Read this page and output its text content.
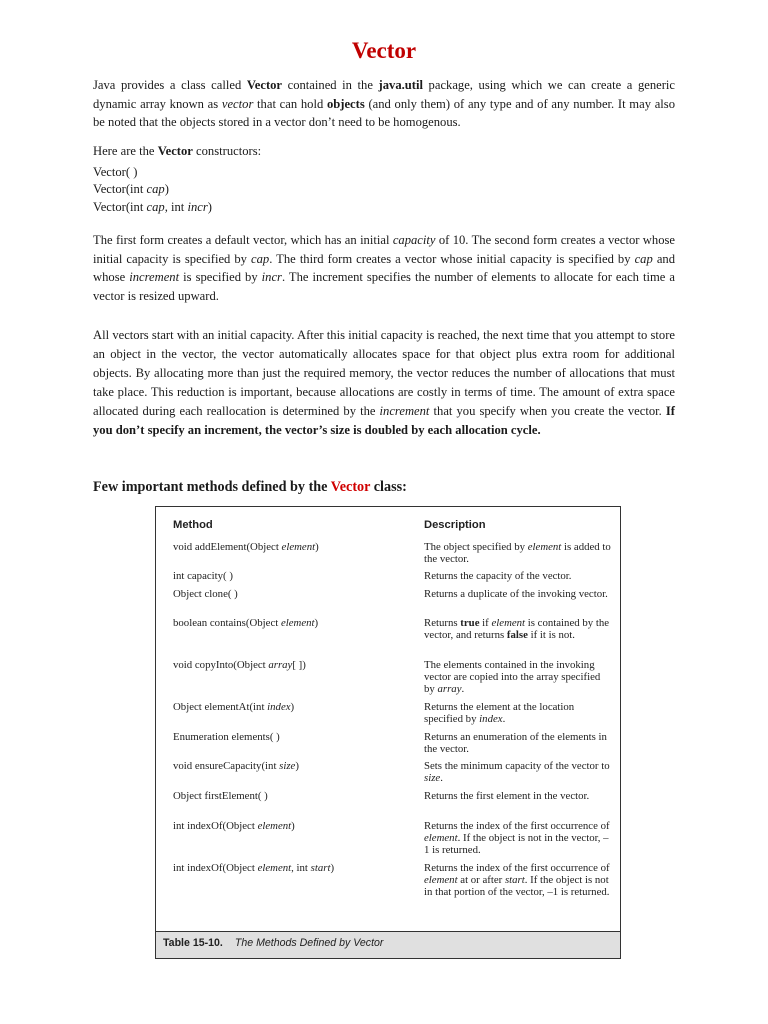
Vector

Java provides a class called Vector contained in the java.util package, using which we can create a generic dynamic array known as vector that can hold objects (and only them) of any type and of any number. It may also be noted that the objects stored in a vector don’t need to be homogenous.

Here are the Vector constructors:

Vector( )
Vector(int cap)
Vector(int cap, int incr)

The first form creates a default vector, which has an initial capacity of 10. The second form creates a vector whose initial capacity is specified by cap. The third form creates a vector whose initial capacity is specified by cap and whose increment is specified by incr. The increment specifies the number of elements to allocate for each time a vector is resized upward.

All vectors start with an initial capacity. After this initial capacity is reached, the next time that you attempt to store an object in the vector, the vector automatically allocates space for that object plus extra room for additional objects. By allocating more than just the required memory, the vector reduces the number of allocations that must take place. This reduction is important, because allocations are costly in terms of time. The amount of extra space allocated during each reallocation is determined by the increment that you specify when you create the vector. If you don’t specify an increment, the vector’s size is doubled by each allocation cycle.

Few important methods defined by the Vector class:
Method	Description
void addElement(Object element)	The object specified by element is added to the vector.
int capacity( )	Returns the capacity of the vector.
Object clone( )	Returns a duplicate of the invoking vector.
boolean contains(Object element)	Returns true if element is contained by the vector, and returns false if it is not.
void copyInto(Object array[ ])	The elements contained in the invoking vector are copied into the array specified by array.
Object elementAt(int index)	Returns the element at the location specified by index.
Enumeration elements( )	Returns an enumeration of the elements in the vector.
void ensureCapacity(int size)	Sets the minimum capacity of the vector to size.
Object firstElement( )	Returns the first element in the vector.
int indexOf(Object element)	Returns the index of the first occurrence of element. If the object is not in the vector, –1 is returned.
int indexOf(Object element, int start)	Returns the index of the first occurrence of element at or after start. If the object is not in that portion of the vector, –1 is returned.
Table 15-10. The Methods Defined by Vector
